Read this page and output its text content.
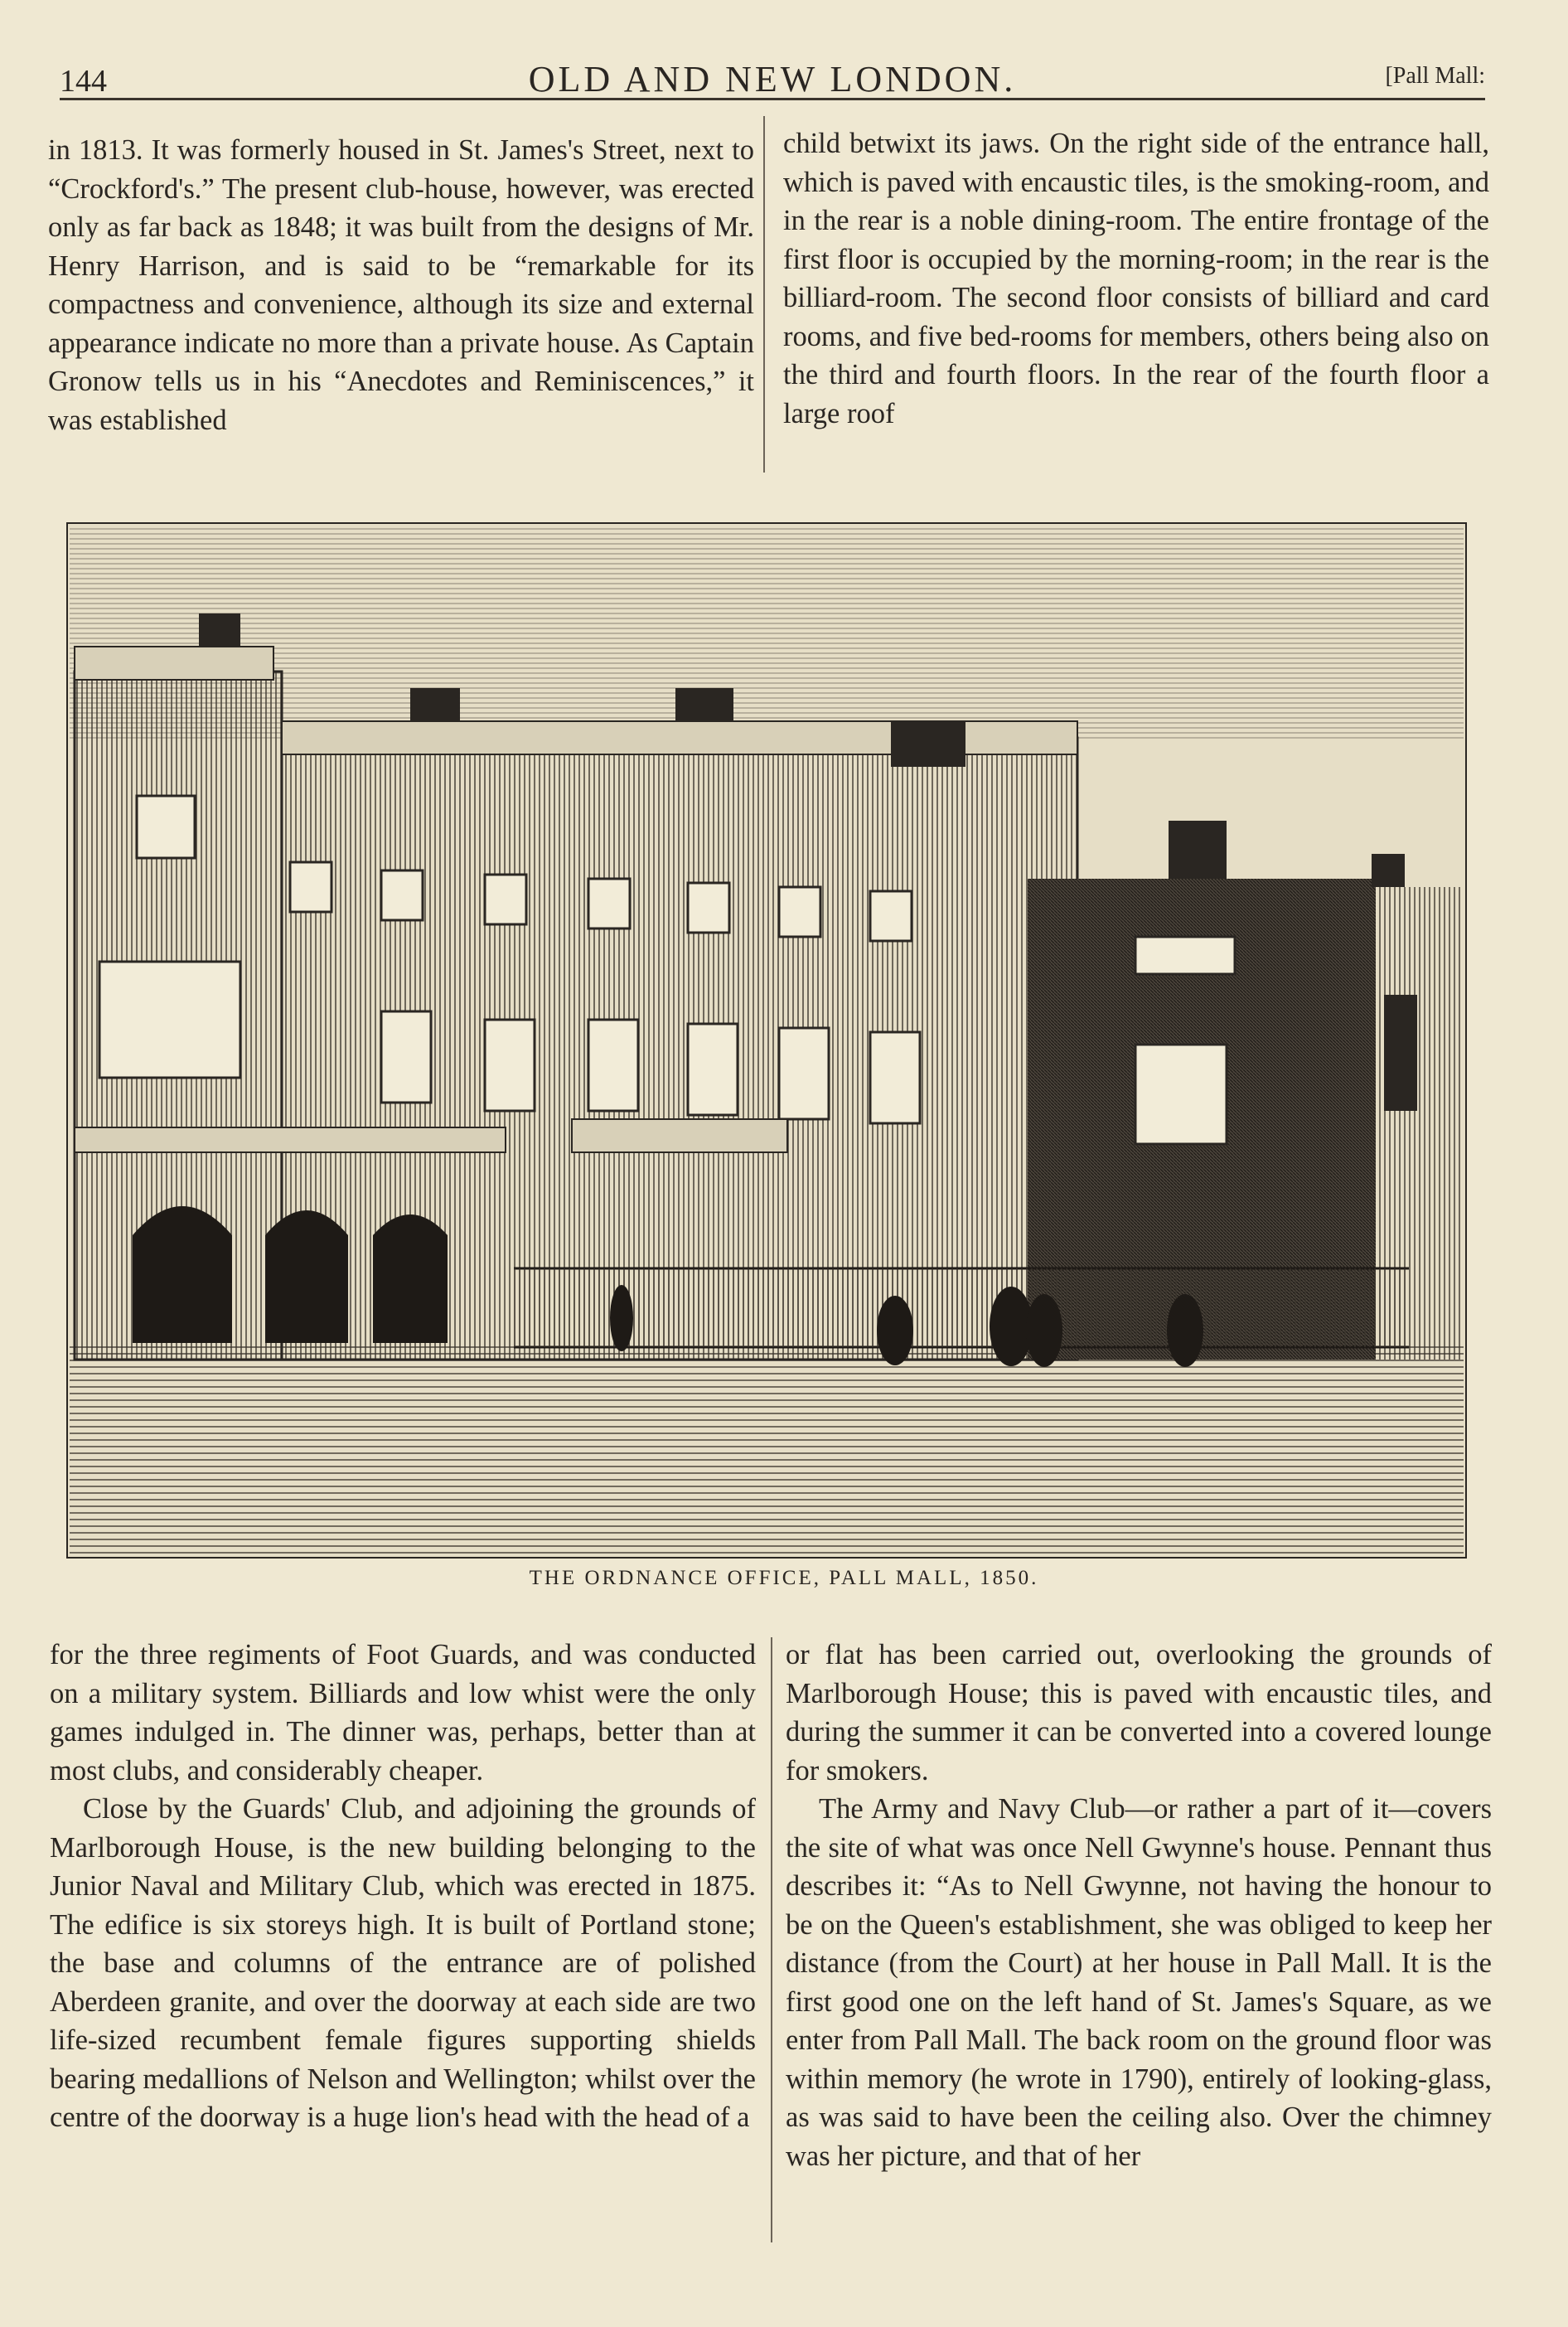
144	OLD AND NEW LONDON.	[Pall Mall:

in 1813. It was formerly housed in St. James's Street, next to “Crockford's.” The present club-house, however, was erected only as far back as 1848; it was built from the designs of Mr. Henry Harrison, and is said to be “remarkable for its compactness and convenience, although its size and external appearance indicate no more than a private house. As Captain Gronow tells us in his “Anecdotes and Reminiscences,” it was established

child betwixt its jaws. On the right side of the entrance hall, which is paved with encaustic tiles, is the smoking-room, and in the rear is a noble dining-room. The entire frontage of the first floor is occupied by the morning-room; in the rear is the billiard-room. The second floor consists of billiard and card rooms, and five bed-rooms for members, others being also on the third and fourth floors. In the rear of the fourth floor a large roof

THE ORDNANCE OFFICE, PALL MALL, 1850.

for the three regiments of Foot Guards, and was conducted on a military system. Billiards and low whist were the only games indulged in. The dinner was, perhaps, better than at most clubs, and considerably cheaper.

Close by the Guards' Club, and adjoining the grounds of Marlborough House, is the new building belonging to the Junior Naval and Military Club, which was erected in 1875. The edifice is six storeys high. It is built of Portland stone; the base and columns of the entrance are of polished Aberdeen granite, and over the doorway at each side are two life-sized recumbent female figures supporting shields bearing medallions of Nelson and Wellington; whilst over the centre of the doorway is a huge lion's head with the head of a

or flat has been carried out, overlooking the grounds of Marlborough House; this is paved with encaustic tiles, and during the summer it can be converted into a covered lounge for smokers.

The Army and Navy Club—or rather a part of it—covers the site of what was once Nell Gwynne's house. Pennant thus describes it: “As to Nell Gwynne, not having the honour to be on the Queen's establishment, she was obliged to keep her distance (from the Court) at her house in Pall Mall. It is the first good one on the left hand of St. James's Square, as we enter from Pall Mall. The back room on the ground floor was within memory (he wrote in 1790), entirely of looking-glass, as was said to have been the ceiling also. Over the chimney was her picture, and that of her
